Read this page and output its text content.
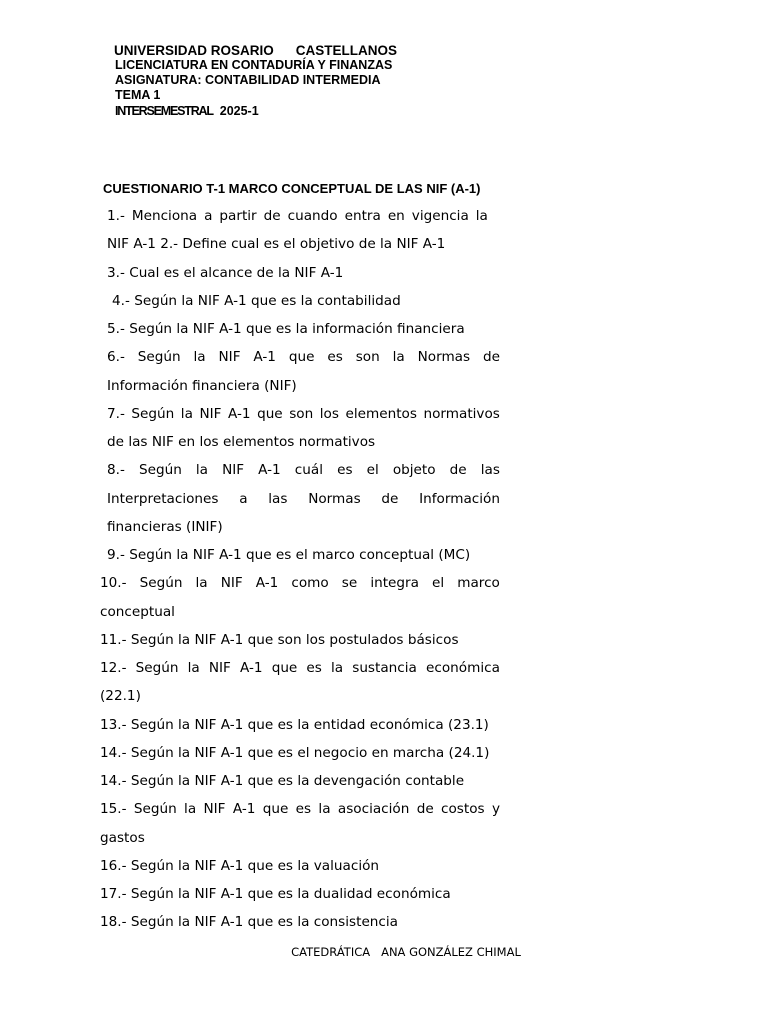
UNIVERSIDAD ROSARIO CASTELLANOS
LICENCIATURA EN CONTADURÍA Y FINANZAS
ASIGNATURA: CONTABILIDAD INTERMEDIA
TEMA 1
INTERSEMESTRAL 2025-1
CUESTIONARIO T-1 MARCO CONCEPTUAL DE LAS NIF (A-1)
1.- Menciona a partir de cuando entra en vigencia la
NIF A-1 2.- Define cual es el objetivo de la NIF A-1
3.- Cual es el alcance de la NIF A-1
4.- Según la NIF A-1 que es la contabilidad
5.- Según la NIF A-1 que es la información financiera
6.- Según la NIF A-1 que es son la Normas de
Información financiera (NIF)
7.- Según la NIF A-1 que son los elementos normativos
de las NIF en los elementos normativos
8.- Según la NIF A-1 cuál es el objeto de las
Interpretaciones a las Normas de Información
financieras (INIF)
9.- Según la NIF A-1 que es el marco conceptual (MC)
10.- Según la NIF A-1 como se integra el marco
conceptual
11.- Según la NIF A-1 que son los postulados básicos
12.- Según la NIF A-1 que es la sustancia económica
(22.1)
13.- Según la NIF A-1 que es la entidad económica (23.1)
14.- Según la NIF A-1 que es el negocio en marcha (24.1)
14.- Según la NIF A-1 que es la devengación contable
15.- Según la NIF A-1 que es la asociación de costos y
gastos
16.- Según la NIF A-1 que es la valuación
17.- Según la NIF A-1 que es la dualidad económica
18.- Según la NIF A-1 que es la consistencia
CATEDRÁTICA ANA GONZÁLEZ CHIMAL
